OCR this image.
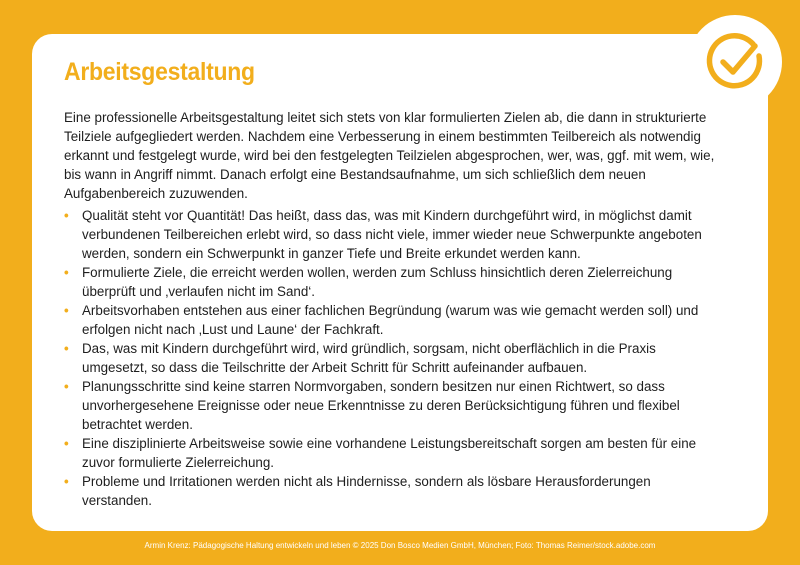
Arbeitsgestaltung

Eine professionelle Arbeitsgestaltung leitet sich stets von klar formulierten Zielen ab, die dann in strukturierte Teilziele aufgegliedert werden. Nachdem eine Verbesserung in einem bestimmten Teilbereich als notwendig erkannt und festgelegt wurde, wird bei den festgelegten Teilzielen abgesprochen, wer, was, ggf. mit wem, wie, bis wann in Angriff nimmt. Danach erfolgt eine Bestandsaufnahme, um sich schließlich dem neuen Aufgabenbereich zuzuwenden.

• Qualität steht vor Quantität! Das heißt, dass das, was mit Kindern durchgeführt wird, in möglichst damit verbundenen Teilbereichen erlebt wird, so dass nicht viele, immer wieder neue Schwerpunkte angeboten werden, sondern ein Schwerpunkt in ganzer Tiefe und Breite erkundet werden kann.
• Formulierte Ziele, die erreicht werden wollen, werden zum Schluss hinsichtlich deren Zielerreichung überprüft und ‚verlaufen nicht im Sand‘.
• Arbeitsvorhaben entstehen aus einer fachlichen Begründung (warum was wie gemacht werden soll) und erfolgen nicht nach ‚Lust und Laune‘ der Fachkraft.
• Das, was mit Kindern durchgeführt wird, wird gründlich, sorgsam, nicht oberflächlich in die Praxis umgesetzt, so dass die Teilschritte der Arbeit Schritt für Schritt aufeinander aufbauen.
• Planungsschritte sind keine starren Normvorgaben, sondern besitzen nur einen Richtwert, so dass unvorhergesehene Ereignisse oder neue Erkenntnisse zu deren Berücksichtigung führen und flexibel betrachtet werden.
• Eine disziplinierte Arbeitsweise sowie eine vorhandene Leistungsbereitschaft sorgen am besten für eine zuvor formulierte Zielerreichung.
• Probleme und Irritationen werden nicht als Hindernisse, sondern als lösbare Herausforderungen verstanden.
Armin Krenz: Pädagogische Haltung entwickeln und leben © 2025 Don Bosco Medien GmbH, München; Foto: Thomas Reimer/stock.adobe.com
